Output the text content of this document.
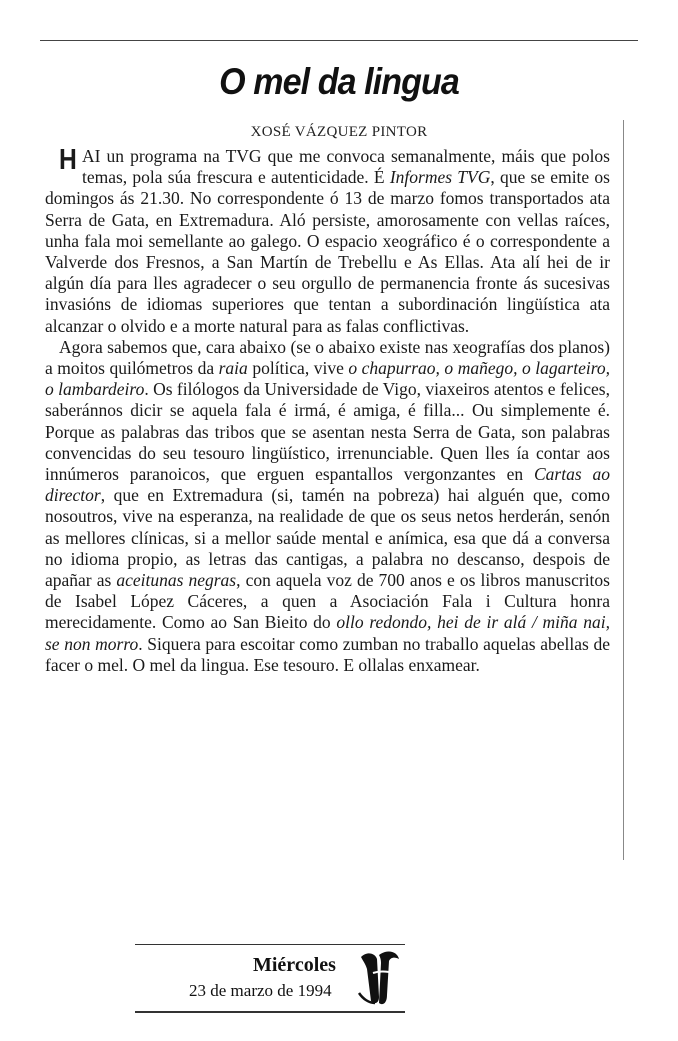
O mel da lingua
XOSÉ VÁZQUEZ PINTOR

HAI un programa na TVG que me convoca semanalmente, máis que polos temas, pola súa frescura e autenticidade. É Informes TVG, que se emite os domingos ás 21.30. No correspondente ó 13 de marzo fomos transportados ata Serra de Gata, en Extremadura. Aló persiste, amorosamente con vellas raíces, unha fala moi semellante ao galego. O espacio xeográfico é o correspondente a Valverde dos Fresnos, a San Martín de Trebellu e As Ellas. Ata alí hei de ir algún día para lles agradecer o seu orgullo de permanencia fronte ás sucesivas invasións de idiomas superiores que tentan a subordinación lingüística ata alcanzar o olvido e a morte natural para as falas conflictivas.

Agora sabemos que, cara abaixo (se o abaixo existe nas xeografías dos planos) a moitos quilómetros da raia política, vive o chapurrao, o mañego, o lagarteiro, o lambardeiro. Os filólogos da Universidade de Vigo, viaxeiros atentos e felices, saberánnos dicir se aquela fala é irmá, é amiga, é filla... Ou simplemente é. Porque as palabras das tribos que se asentan nesta Serra de Gata, son palabras convencidas do seu tesouro lingüístico, irrenunciable. Quen lles ía contar aos innúmeros paranoicos, que erguen espantallos vergonzantes en Cartas ao director, que en Extremadura (si, tamén na pobreza) hai alguén que, como nosoutros, vive na esperanza, na realidade de que os seus netos herderán, senón as mellores clínicas, si a mellor saúde mental e anímica, esa que dá a conversa no idioma propio, as letras das cantigas, a palabra no descanso, despois de apañar as aceitunas negras, con aquela voz de 700 anos e os libros manuscritos de Isabel López Cáceres, a quen a Asociación Fala i Cultura honra merecidamente. Como ao San Bieito do ollo redondo, hei de ir alá / miña nai, se non morro. Siquera para escoitar como zumban no traballo aquelas abellas de facer o mel. O mel da lingua. Ese tesouro. E ollalas enxamear.

Miércoles
23 de marzo de 1994
